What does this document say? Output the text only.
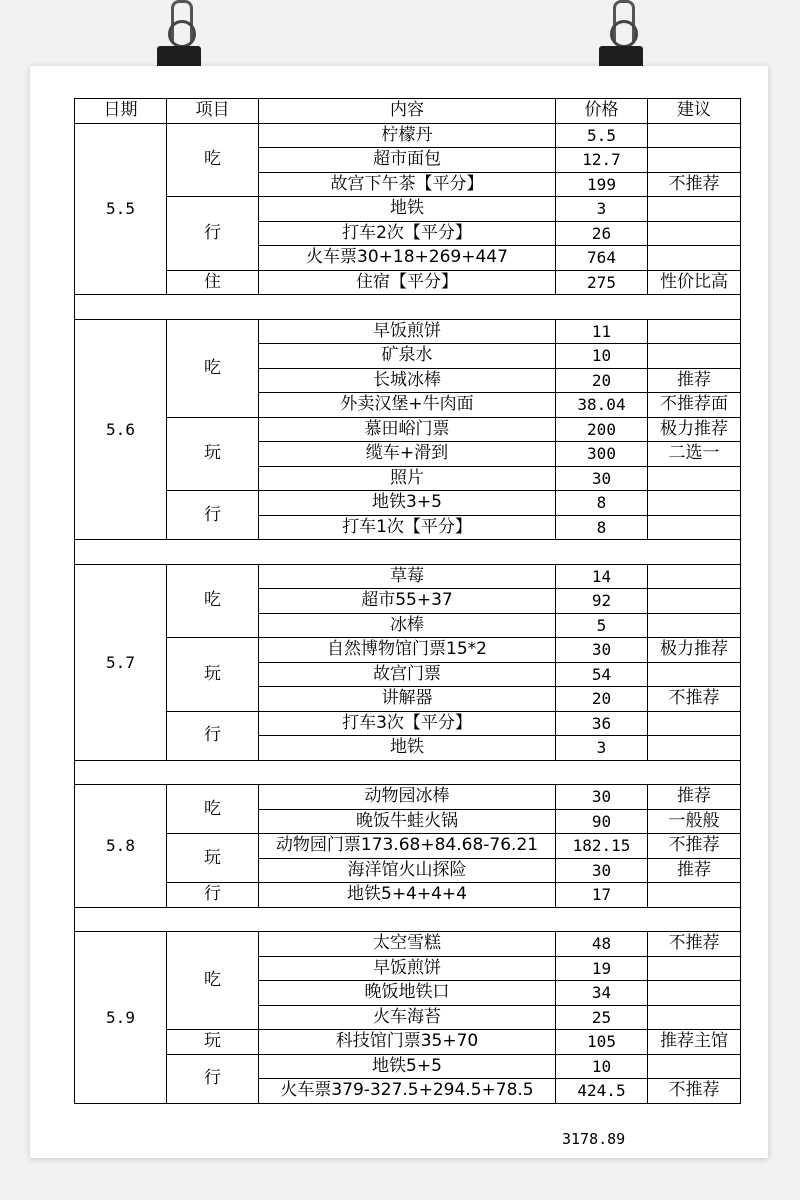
日期	项目	内容	价格	建议
5.5	吃	柠檬丹	5.5	
		超市面包	12.7	
		故宫下午茶【平分】	199	不推荐
	行	地铁	3	
		打车2次【平分】	26	
		火车票30+18+269+447	764	
	住	住宿【平分】	275	性价比高

5.6	吃	早饭煎饼	11	
		矿泉水	10	
		长城冰棒	20	推荐
		外卖汉堡+牛肉面	38.04	不推荐面
	玩	慕田峪门票	200	极力推荐
		缆车+滑到	300	二选一
		照片	30	
	行	地铁3+5	8	
		打车1次【平分】	8	

5.7	吃	草莓	14	
		超市55+37	92	
		冰棒	5	
	玩	自然博物馆门票15*2	30	极力推荐
		故宫门票	54	
		讲解器	20	不推荐
	行	打车3次【平分】	36	
		地铁	3	

5.8	吃	动物园冰棒	30	推荐
		晚饭牛蛙火锅	90	一般般
	玩	动物园门票173.68+84.68-76.21	182.15	不推荐
		海洋馆火山探险	30	推荐
	行	地铁5+4+4+4	17	

5.9	吃	太空雪糕	48	不推荐
		早饭煎饼	19	
		晚饭地铁口	34	
		火车海苔	25	
	玩	科技馆门票35+70	105	推荐主馆
	行	地铁5+5	10	
		火车票379-327.5+294.5+78.5	424.5	不推荐
3178.89
